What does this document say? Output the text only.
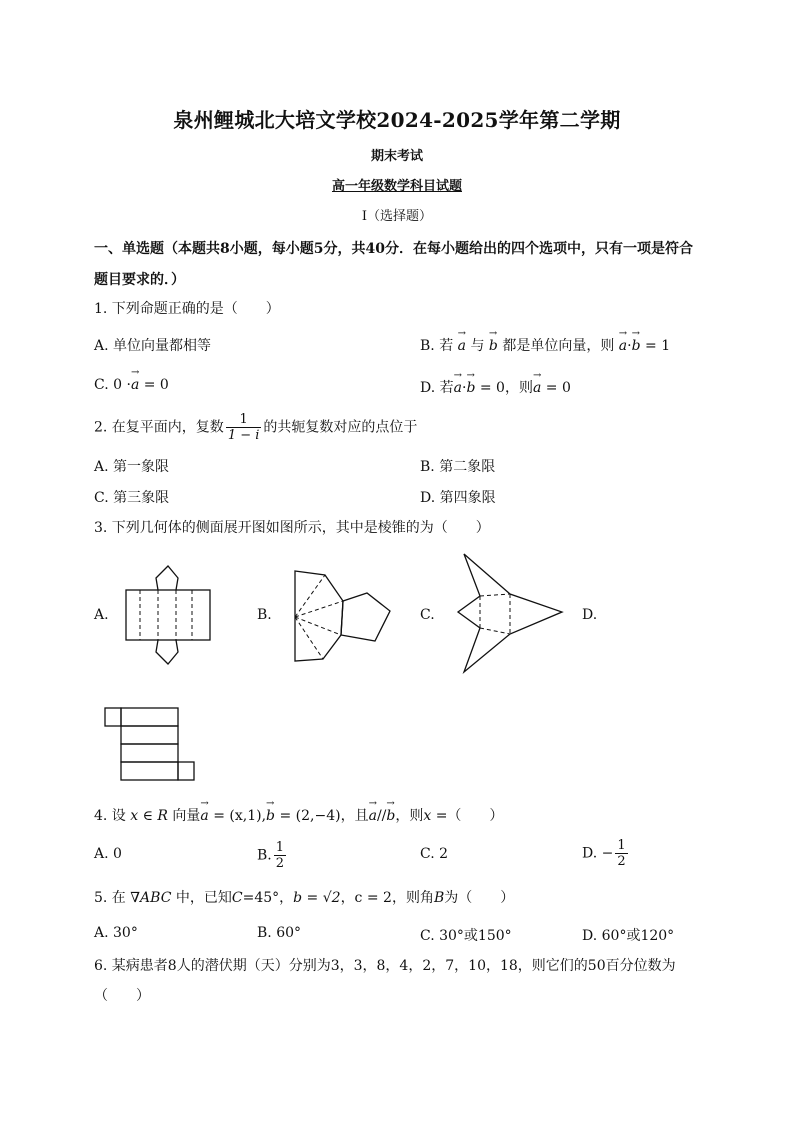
泉州鲤城北大培文学校2024-2025学年第二学期
期末考试
高一年级数学科目试题
I（选择题）
一、单选题（本题共8小题，每小题5分，共40分．在每小题给出的四个选项中，只有一项是符合题目要求的．）
1. 下列命题正确的是（　　）
A. 单位向量都相等	B. 若 → a 与 → b 都是单位向量，则 → a·→ b = 1
C. 0 ·→ a = 0	D. 若→ a·→ b = 0，则→ a = 0
2. 在复平面内，复数 $\frac{1}{1 - i}$ 的共轭复数对应的点位于
A. 第一象限	B. 第二象限
C. 第三象限	D. 第四象限
3. 下列几何体的侧面展开图如图所示，其中是棱锥的为（　　）
A.	B.	C.	D.
4. 设 x ∈ R 向量→ a = (x,1),→ b = (2,−4)，且→ a//→ b，则x =（　　）
A. 0	B. $\frac{1}{2}$	C. 2	D. − $\frac{1}{2}$
5. 在 ∇ABC 中，已知C=45°，b = √2，c = 2，则角B为（　　）
A. 30°	B. 60°	C. 30°或150°	D. 60°或120°
6. 某病患者8人的潜伏期（天）分别为3，3，8，4，2，7，10，18，则它们的50百分位数为
（　　）
